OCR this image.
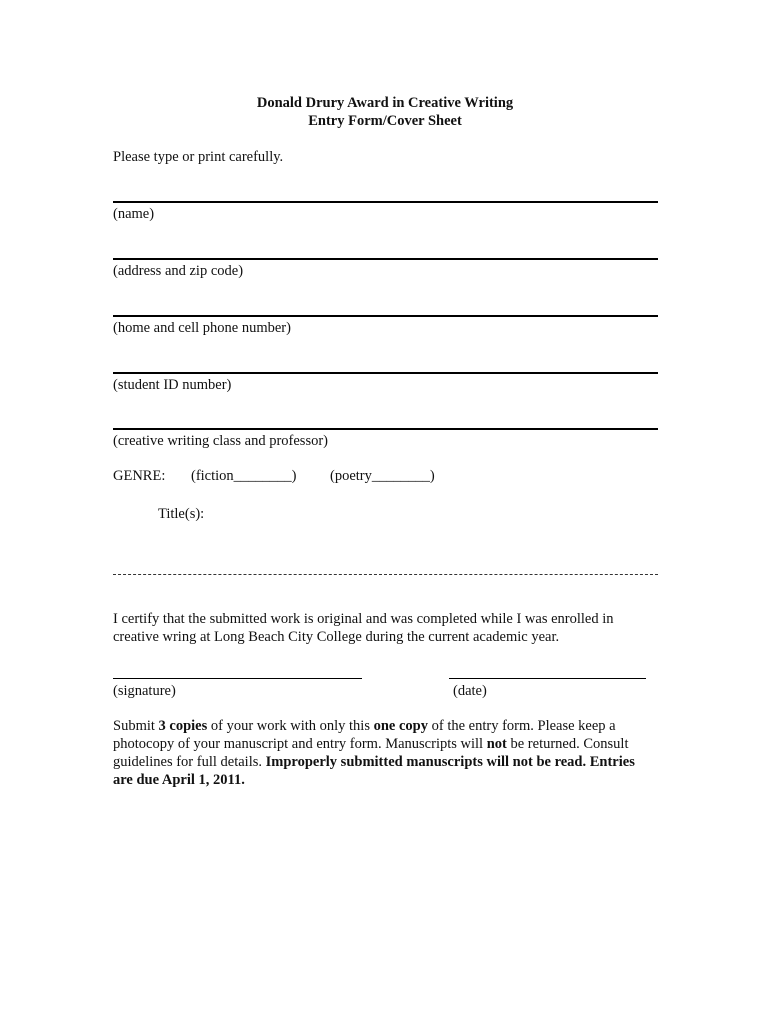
Donald Drury Award in Creative Writing
Entry Form/Cover Sheet
Please type or print carefully.
(name)
(address and zip code)
(home and cell phone number)
(student ID number)
(creative writing class and professor)
GENRE: (fiction________) (poetry________)
Title(s):
I certify that the submitted work is original and was completed while I was enrolled in creative wring at Long Beach City College during the current academic year.
(signature)	(date)
Submit 3 copies of your work with only this one copy of the entry form. Please keep a photocopy of your manuscript and entry form. Manuscripts will not be returned. Consult guidelines for full details. Improperly submitted manuscripts will not be read. Entries are due April 1, 2011.
